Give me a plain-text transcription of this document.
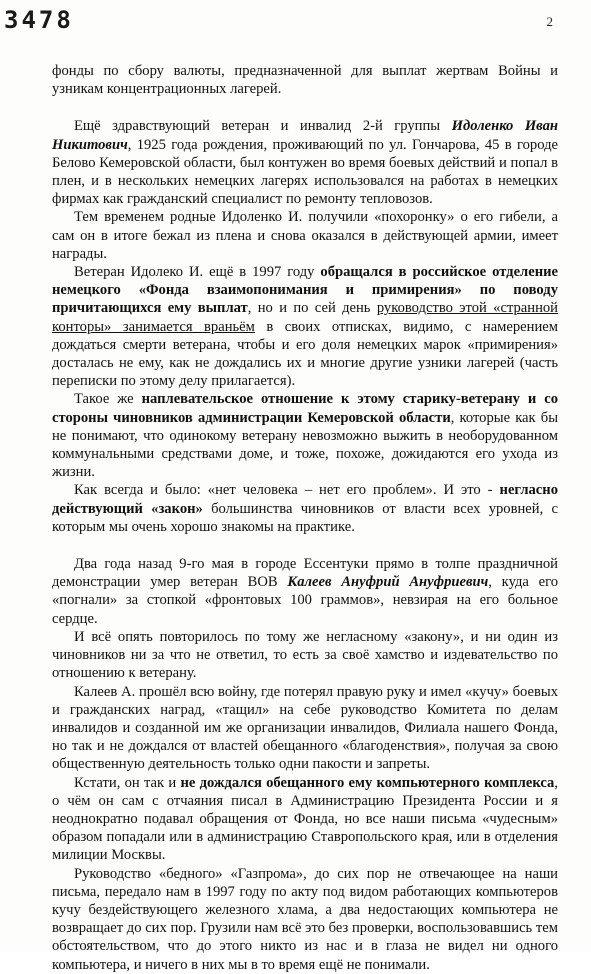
3478	2

фонды по сбору валюты, предназначенной для выплат жертвам Войны и узникам концентрационных лагерей.

Ещё здравствующий ветеран и инвалид 2-й группы Идоленко Иван Никитович, 1925 года рождения, проживающий по ул. Гончарова, 45 в городе Белово Кемеровской области, был контужен во время боевых действий и попал в плен, и в нескольких немецких лагерях использовался на работах в немецких фирмах как гражданский специалист по ремонту тепловозов.

Тем временем родные Идоленко И. получили «похоронку» о его гибели, а сам он в итоге бежал из плена и снова оказался в действующей армии, имеет награды.

Ветеран Идолеко И. ещё в 1997 году обращался в российское отделение немецкого «Фонда взаимопонимания и примирения» по поводу причитающихся ему выплат, но и по сей день руководство этой «странной конторы» занимается враньём в своих отписках, видимо, с намерением дождаться смерти ветерана, чтобы и его доля немецких марок «примирения» досталась не ему, как не дождались их и многие другие узники лагерей (часть переписки по этому делу прилагается).

Такое же наплевательское отношение к этому старику-ветерану и со стороны чиновников администрации Кемеровской области, которые как бы не понимают, что одинокому ветерану невозможно выжить в необорудованном коммунальными средствами доме, и тоже, похоже, дожидаются его ухода из жизни.

Как всегда и было: «нет человека – нет его проблем». И это - негласно действующий «закон» большинства чиновников от власти всех уровней, с которым мы очень хорошо знакомы на практике.

Два года назад 9-го мая в городе Ессентуки прямо в толпе праздничной демонстрации умер ветеран ВОВ Калеев Ануфрий Ануфриевич, куда его «погнали» за стопкой «фронтовых 100 граммов», невзирая на его больное сердце.

И всё опять повторилось по тому же негласному «закону», и ни один из чиновников ни за что не ответил, то есть за своё хамство и издевательство по отношению к ветерану.

Калеев А. прошёл всю войну, где потерял правую руку и имел «кучу» боевых и гражданских наград, «тащил» на себе руководство Комитета по делам инвалидов и созданной им же организации инвалидов, Филиала нашего Фонда, но так и не дождался от властей обещанного «благоденствия», получая за свою общественную деятельность только одни пакости и запреты.

Кстати, он так и не дождался обещанного ему компьютерного комплекса, о чём он сам с отчаяния писал в Администрацию Президента России и я неоднократно подавал обращения от Фонда, но все наши письма «чудесным» образом попадали или в администрацию Ставропольского края, или в отделения милиции Москвы.

Руководство «бедного» «Газпрома», до сих пор не отвечающее на наши письма, передало нам в 1997 году по акту под видом работающих компьютеров кучу бездействующего железного хлама, а два недостающих компьютера не возвращает до сих пор. Грузили нам всё это без проверки, воспользовавшись тем обстоятельством, что до этого никто из нас и в глаза не видел ни одного компьютера, и ничего в них мы в то время ещё не понимали.
